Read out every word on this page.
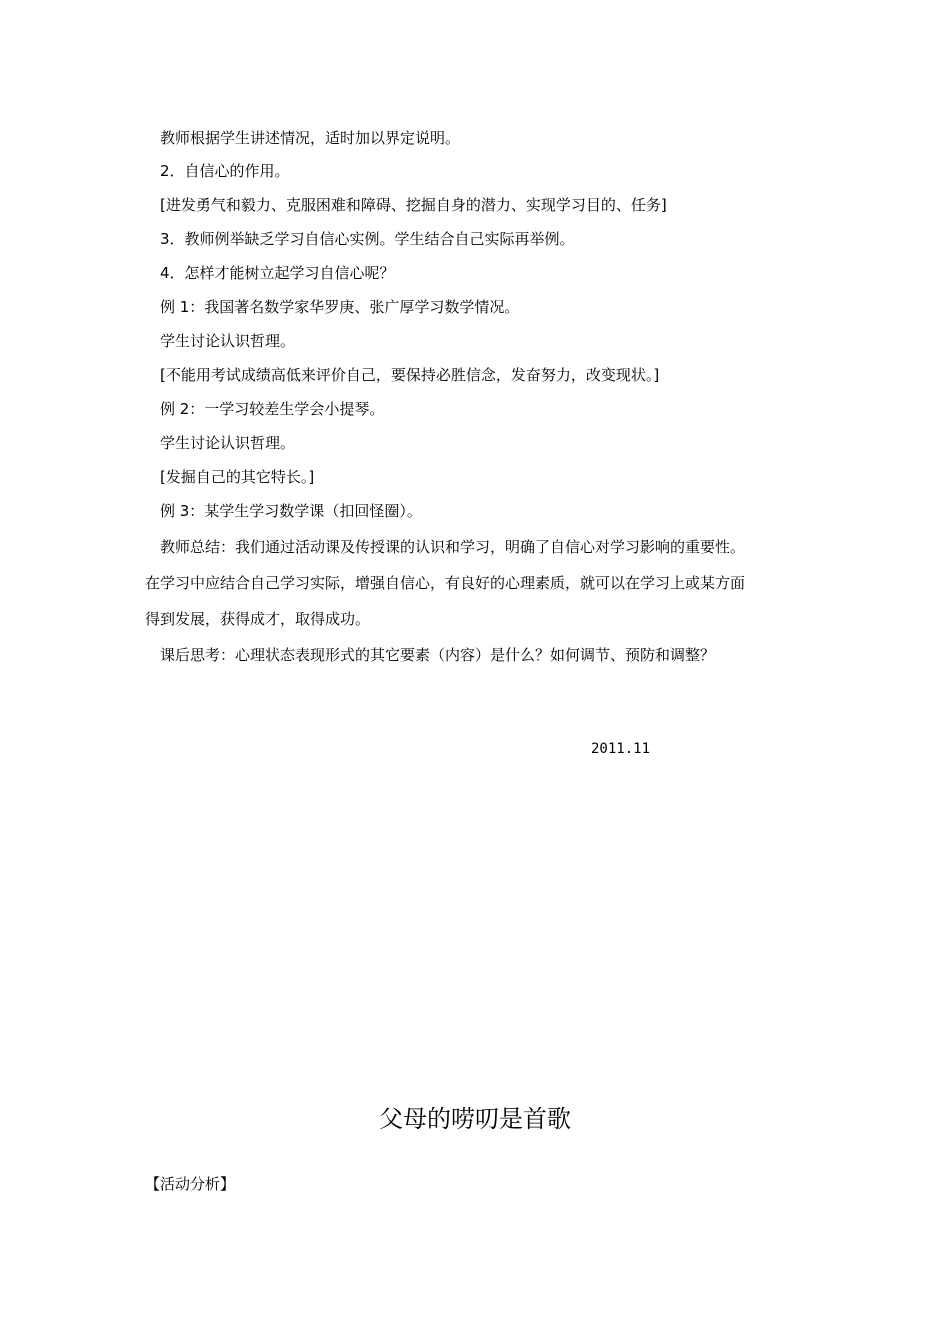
教师根据学生讲述情况，适时加以界定说明。
2．自信心的作用。
[进发勇气和毅力、克服困难和障碍、挖掘自身的潜力、实现学习目的、任务]
3．教师例举缺乏学习自信心实例。学生结合自己实际再举例。
4．怎样才能树立起学习自信心呢？
例 1：我国著名数学家华罗庚、张广厚学习数学情况。
学生讨论认识哲理。
[不能用考试成绩高低来评价自己，要保持必胜信念，发奋努力，改变现状。]
例 2：一学习较差生学会小提琴。
学生讨论认识哲理。
[发掘自己的其它特长。]
例 3：某学生学习数学课（扣回怪圈）。
教师总结：我们通过活动课及传授课的认识和学习，明确了自信心对学习影响的重要性。
在学习中应结合自己学习实际，增强自信心，有良好的心理素质，就可以在学习上或某方面
得到发展，获得成才，取得成功。
课后思考：心理状态表现形式的其它要素（内容）是什么？如何调节、预防和调整？
2011.11
父母的唠叨是首歌
【活动分析】
